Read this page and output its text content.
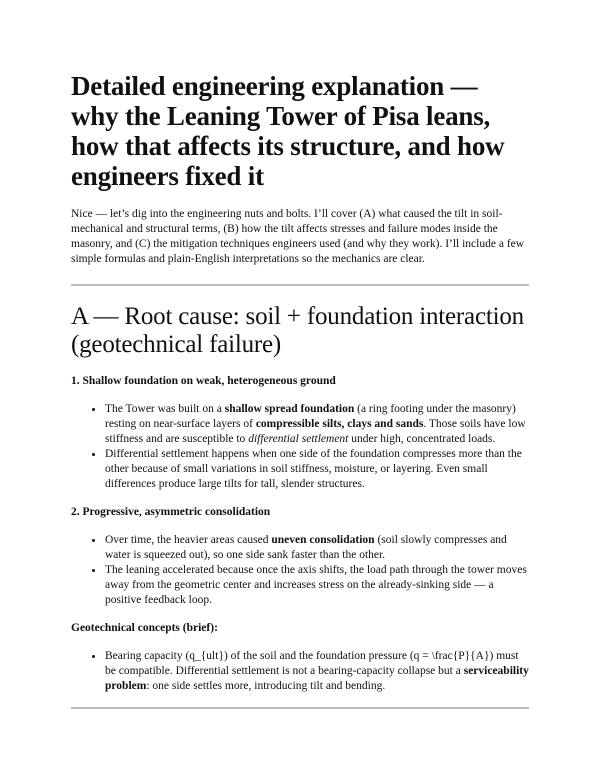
Detailed engineering explanation — why the Leaning Tower of Pisa leans, how that affects its structure, and how engineers fixed it

Nice — let’s dig into the engineering nuts and bolts. I’ll cover (A) what caused the tilt in soil-mechanical and structural terms, (B) how the tilt affects stresses and failure modes inside the masonry, and (C) the mitigation techniques engineers used (and why they work). I’ll include a few simple formulas and plain-English interpretations so the mechanics are clear.

A — Root cause: soil + foundation interaction (geotechnical failure)
1. Shallow foundation on weak, heterogeneous ground
• The Tower was built on a shallow spread foundation (a ring footing under the masonry) resting on near-surface layers of compressible silts, clays and sands. Those soils have low stiffness and are susceptible to differential settlement under high, concentrated loads.
• Differential settlement happens when one side of the foundation compresses more than the other because of small variations in soil stiffness, moisture, or layering. Even small differences produce large tilts for tall, slender structures.
2. Progressive, asymmetric consolidation
• Over time, the heavier areas caused uneven consolidation (soil slowly compresses and water is squeezed out), so one side sank faster than the other.
• The leaning accelerated because once the axis shifts, the load path through the tower moves away from the geometric center and increases stress on the already-sinking side — a positive feedback loop.
Geotechnical concepts (brief):
• Bearing capacity (q_{ult}) of the soil and the foundation pressure (q = \frac{P}{A}) must be compatible. Differential settlement is not a bearing-capacity collapse but a serviceability problem: one side settles more, introducing tilt and bending.
